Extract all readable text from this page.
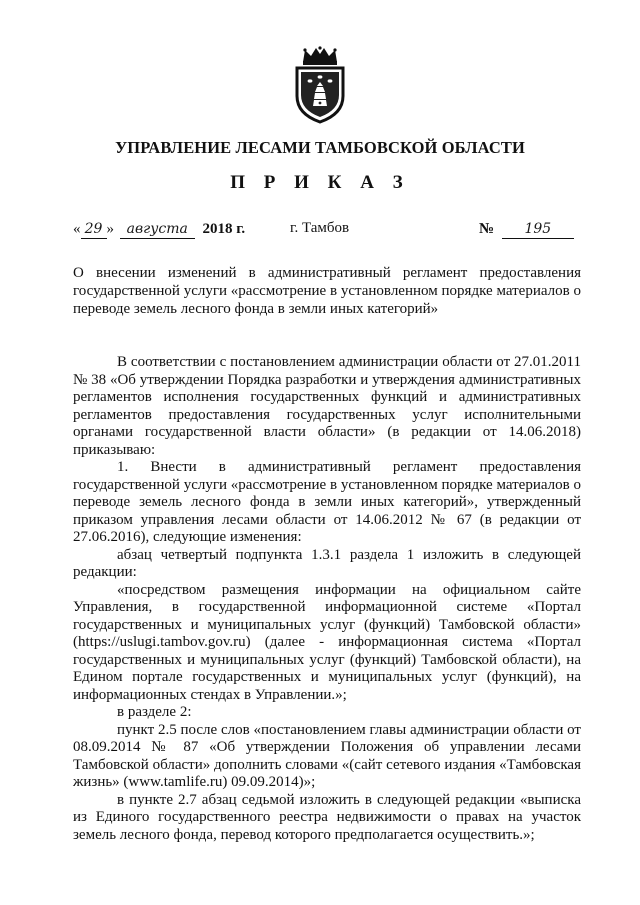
УПРАВЛЕНИЕ ЛЕСАМИ ТАМБОВСКОЙ ОБЛАСТИ
П Р И К А З
« 29 » августа 2018 г.	г. Тамбов	№ 195
О внесении изменений в административный регламент предоставления государственной услуги «рассмотрение в установленном порядке материалов о переводе земель лесного фонда в земли иных категорий»

В соответствии с постановлением администрации области от 27.01.2011 № 38 «Об утверждении Порядка разработки и утверждения административных регламентов исполнения государственных функций и административных регламентов предоставления государственных услуг исполнительными органами государственной власти области» (в редакции от 14.06.2018) приказываю:

1. Внести в административный регламент предоставления государственной услуги «рассмотрение в установленном порядке материалов о переводе земель лесного фонда в земли иных категорий», утвержденный приказом управления лесами области от 14.06.2012 № 67 (в редакции от 27.06.2016), следующие изменения:

абзац четвертый подпункта 1.3.1 раздела 1 изложить в следующей редакции:

«посредством размещения информации на официальном сайте Управления, в государственной информационной системе «Портал государственных и муниципальных услуг (функций) Тамбовской области» (https://uslugi.tambov.gov.ru) (далее - информационная система «Портал государственных и муниципальных услуг (функций) Тамбовской области), на Едином портале государственных и муниципальных услуг (функций), на информационных стендах в Управлении.»;

в разделе 2:

пункт 2.5 после слов «постановлением главы администрации области от 08.09.2014 № 87 «Об утверждении Положения об управлении лесами Тамбовской области» дополнить словами «(сайт сетевого издания «Тамбовская жизнь» (www.tamlife.ru) 09.09.2014)»;

в пункте 2.7 абзац седьмой изложить в следующей редакции «выписка из Единого государственного реестра недвижимости о правах на участок земель лесного фонда, перевод которого предполагается осуществить.»;
